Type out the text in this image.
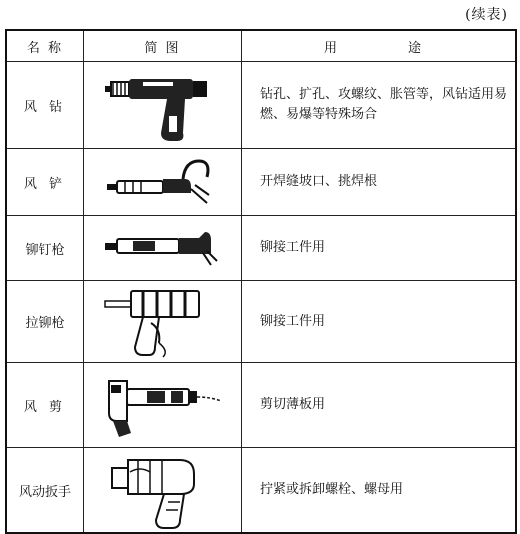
(续表)
名 称	简 图	用 途

风 钻		钻孔、扩孔、攻螺纹、胀管等，风钻适用易燃、易爆等特殊场合
风 铲		开焊缝坡口、挑焊根
铆钉枪		铆接工件用
拉铆枪		铆接工件用
风 剪		剪切薄板用
风动扳手		拧紧或拆卸螺栓、螺母用
